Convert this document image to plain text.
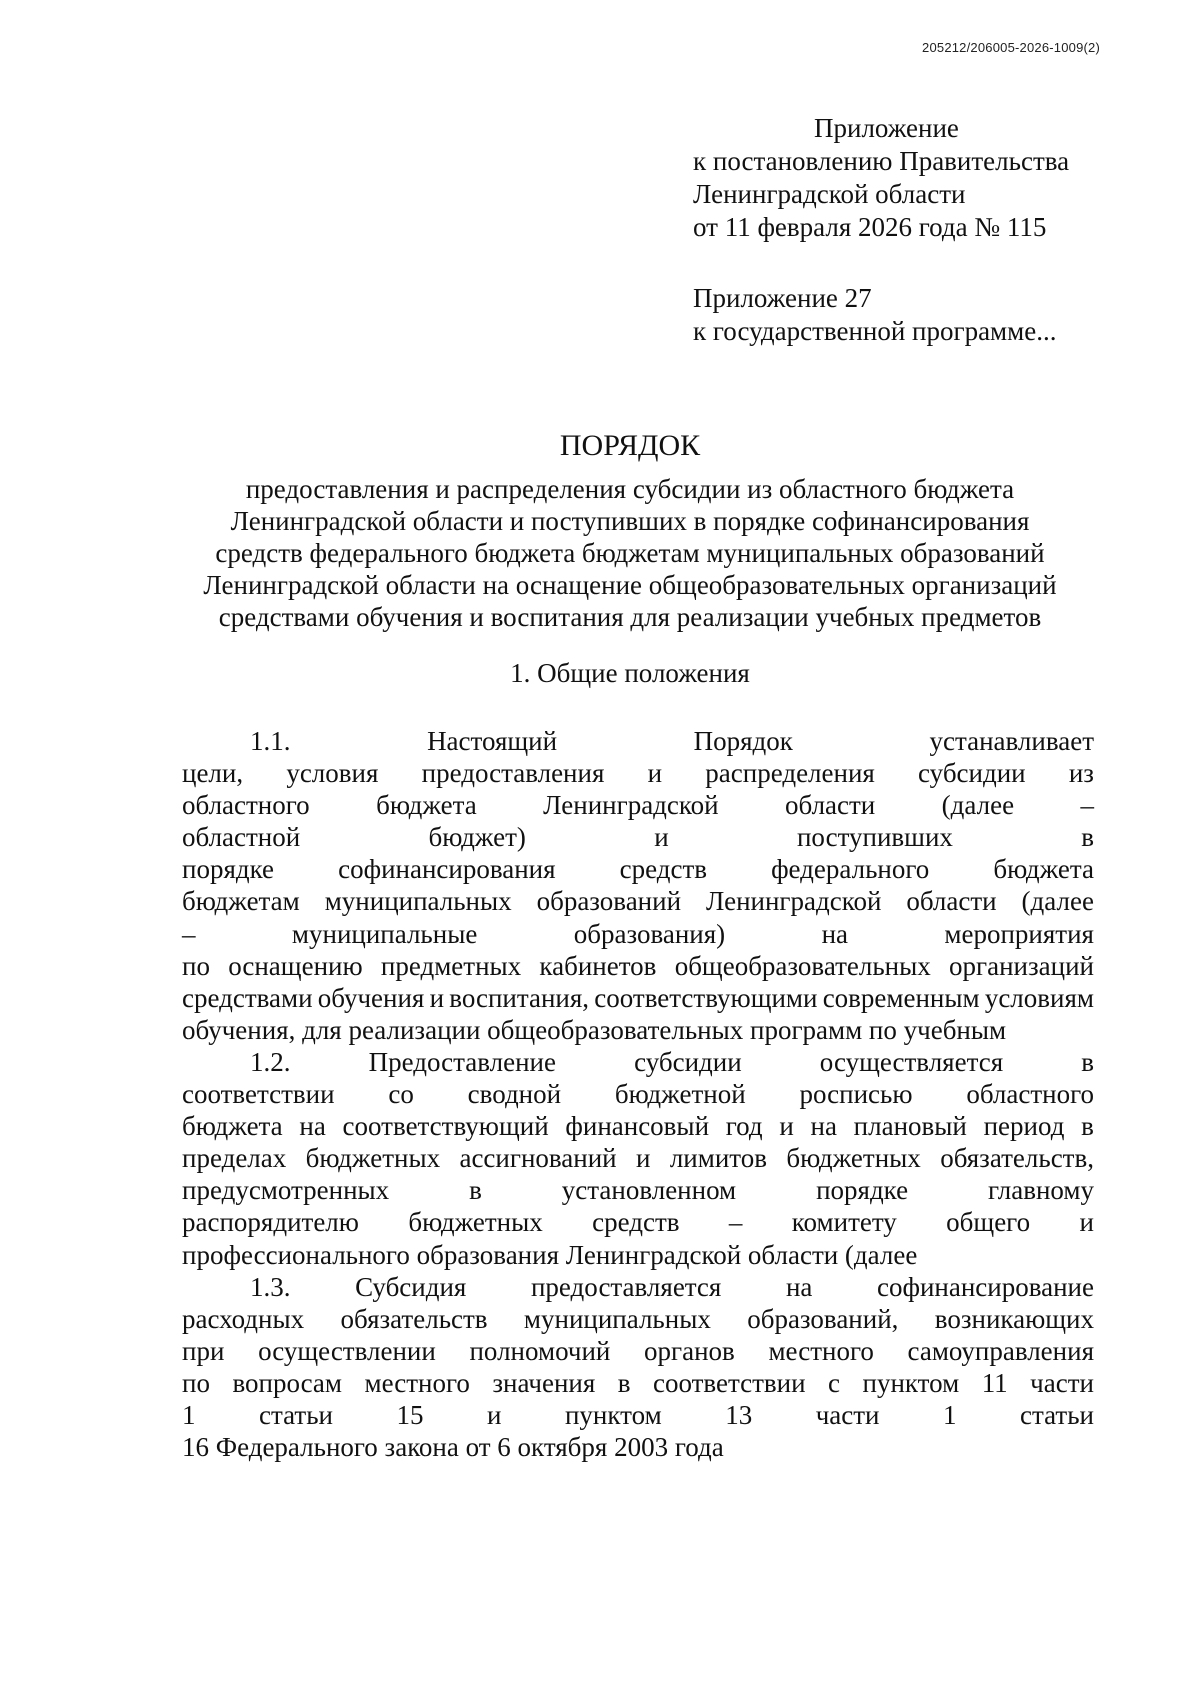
205212/206005-2026-1009(2)
Приложение
к постановлению Правительства
Ленинградской области
от 11 февраля 2026 года № 115
Приложение 27
к государственной программе...
ПОРЯДОК
предоставления и распределения субсидии из областного бюджета
Ленинградской области и поступивших в порядке софинансирования
средств федерального бюджета бюджетам муниципальных образований
Ленинградской области на оснащение общеобразовательных организаций
средствами обучения и воспитания для реализации учебных предметов
1. Общие положения
1.1.	Настоящий	Порядок	устанавливает
цели, условия предоставления и распределения субсидии из
областного бюджета Ленинградской области (далее –
областной	бюджет)	и	поступивших	в
порядке софинансирования средств федерального бюджета
бюджетам муниципальных образований Ленинградской области (далее
–	муниципальные	образования)	на	мероприятия
по оснащению предметных кабинетов общеобразовательных организаций
средствами обучения и воспитания, соответствующими современным условиям
обучения, для реализации общеобразовательных программ по учебным
1.2.	Предоставление	субсидии	осуществляется	в
соответствии со сводной бюджетной росписью областного
бюджета на соответствующий финансовый год и на плановый период в
пределах бюджетных ассигнований и лимитов бюджетных обязательств,
предусмотренных	в	установленном	порядке	главному
распорядителю бюджетных средств – комитету общего и
профессионального образования Ленинградской области (далее
1.3. Субсидия предоставляется на софинансирование
расходных обязательств муниципальных образований, возникающих
при осуществлении полномочий органов местного самоуправления
по вопросам местного значения в соответствии с пунктом 11 части
1 статьи 15 и пунктом 13 части 1 статьи
16 Федерального закона от 6 октября 2003 года
